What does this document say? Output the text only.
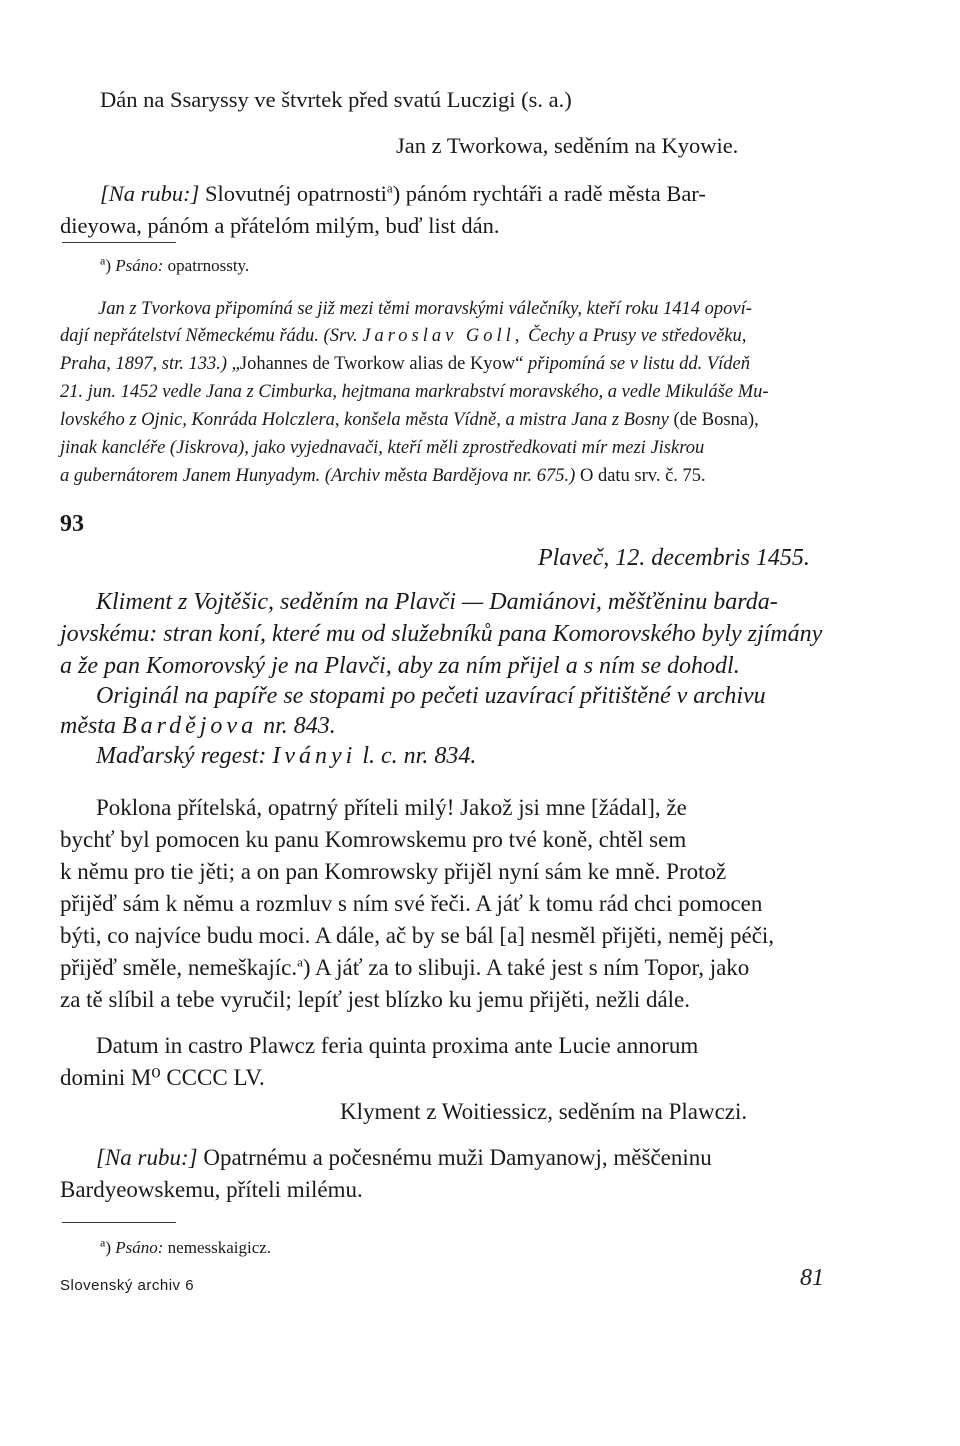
Dán na Ssaryssy ve štvrtek před svatú Luczigi (s. a.)
Jan z Tworkowa, seděním na Kyowie.
[Na rubu:] Slovutnéj opatrnosti$^a$) pánóm rychtáři a radě města Bar-
dieyowa, pánóm a přátelóm milým, buď list dán.
$^a$) Psáno: opatrnossty.
Jan z Tvorkova připomíná se již mezi těmi moravskými válečníky, kteří roku 1414 opoví-
dají nepřátelství Německému řádu. (Srv. Jaroslav Goll, Čechy a Prusy ve středověku,
Praha, 1897, str. 133.) „Johannes de Tworkow alias de Kyow“ připomíná se v listu dd. Vídeň
21. jun. 1452 vedle Jana z Cimburka, hejtmana markrabství moravského, a vedle Mikuláše Mu-
lovského z Ojnic, Konráda Holczlera, konšela města Vídně, a mistra Jana z Bosny (de Bosna),
jinak kancléře (Jiskrova), jako vyjednavači, kteří měli zprostředkovati mír mezi Jiskrou
a gubernátorem Janem Hunyadym. (Archiv města Bardějova nr. 675.) O datu srv. č. 75.
93
Plaveč, 12. decembris 1455.
Kliment z Vojtěšic, seděním na Plavči — Damiánovi, měšťěninu barda-
jovskému: stran koní, které mu od služebníků pana Komorovského byly zjímány
a že pan Komorovský je na Plavči, aby za ním přijel a s ním se dohodl.
Originál na papíře se stopami po pečeti uzavírací přitištěné v archivu
města Bardějova nr. 843.
Maďarský regest: Iványi l. c. nr. 834.
Poklona přítelská, opatrný příteli milý! Jakož jsi mne [žádal], že
bychť byl pomocen ku panu Komrowskemu pro tvé koně, chtěl sem
k němu pro tie jěti; a on pan Komrowsky přijěl nyní sám ke mně. Protož
přijěď sám k němu a rozmluv s ním své řeči. A jáť k tomu rád chci pomocen
býti, co najvíce budu moci. A dále, ač by se bál [a] nesměl přijěti, neměj péči,
přijěď směle, nemeškajíc.$^a$) A jáť za to slibuji. A také jest s ním Topor, jako
za tě slíbil a tebe vyručil; lepíť jest blízko ku jemu přijěti, nežli dále.
Datum in castro Plawcz feria quinta proxima ante Lucie annorum
domini M⁰ CCCC LV.
Klyment z Woitiessicz, seděním na Plawczi.
[Na rubu:] Opatrnému a počesnému muži Damyanowj, měščeninu
Bardyeowskemu, příteli milému.
$^a$) Psáno: nemesskaigicz.
Slovenský archiv 6	81
